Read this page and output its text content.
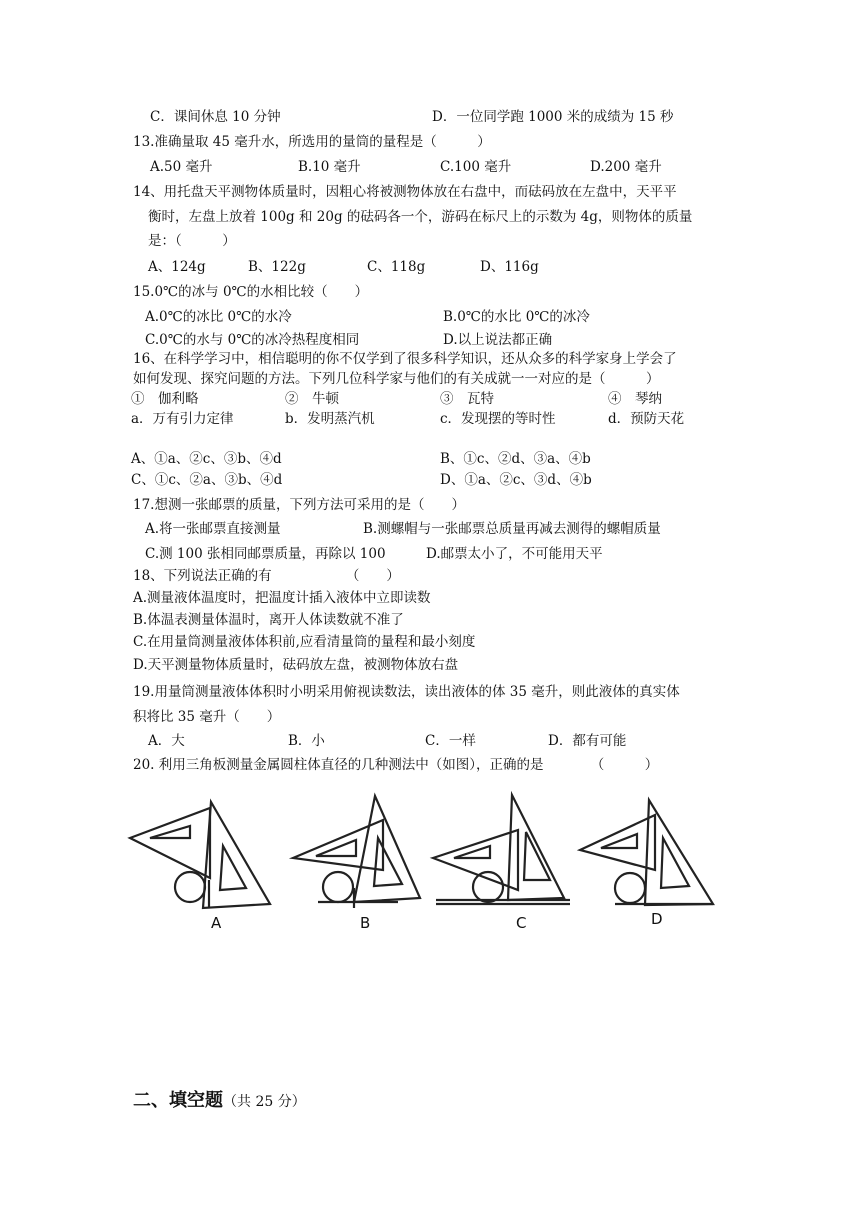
C．课间休息 10 分钟	D．一位同学跑 1000 米的成绩为 15 秒
13.准确量取 45 毫升水，所选用的量筒的量程是（　　　）
A.50 毫升	B.10 毫升	C.100 毫升	D.200 毫升
14、用托盘天平测物体质量时，因粗心将被测物体放在右盘中，而砝码放在左盘中，天平平
衡时，左盘上放着 100g 和 20g 的砝码各一个，游码在标尺上的示数为 4g，则物体的质量
是：（　　　）
A、124g	B、122g	C、118g	D、116g
15.0℃的冰与 0℃的水相比较（　　）
A.0℃的冰比 0℃的水冷	B.0℃的水比 0℃的冰冷
C.0℃的水与 0℃的冰冷热程度相同	D.以上说法都正确
16、在科学学习中，相信聪明的你不仅学到了很多科学知识，还从众多的科学家身上学会了
如何发现、探究问题的方法。下列几位科学家与他们的有关成就一一对应的是（　　　）
①　伽利略	②　牛顿	③　瓦特	④　琴纳
a．万有引力定律	b．发明蒸汽机	c．发现摆的等时性	d．预防天花
A、①a、②c、③b、④d	B、①c、②d、③a、④b
C、①c、②a、③b、④d	D、①a、②c、③d、④b
17.想测一张邮票的质量，下列方法可采用的是（　　）
A.将一张邮票直接测量	B.测螺帽与一张邮票总质量再减去测得的螺帽质量
C.测 100 张相同邮票质量，再除以 100	D.邮票太小了，不可能用天平
18、下列说法正确的有　　　　　　（　　）
A.测量液体温度时，把温度计插入液体中立即读数
B.体温表测量体温时，离开人体读数就不准了
C.在用量筒测量液体体积前,应看清量筒的量程和最小刻度
D.天平测量物体质量时，砝码放左盘，被测物体放右盘
19.用量筒测量液体体积时小明采用俯视读数法，读出液体的体 35 毫升，则此液体的真实体
积将比 35 毫升（　　）
A．大	B．小	C．一样	D．都有可能
20. 利用三角板测量金属圆柱体直径的几种测法中（如图），正确的是　　　　（　　　）
A	B	C	D
二、填空题（共 25 分）
